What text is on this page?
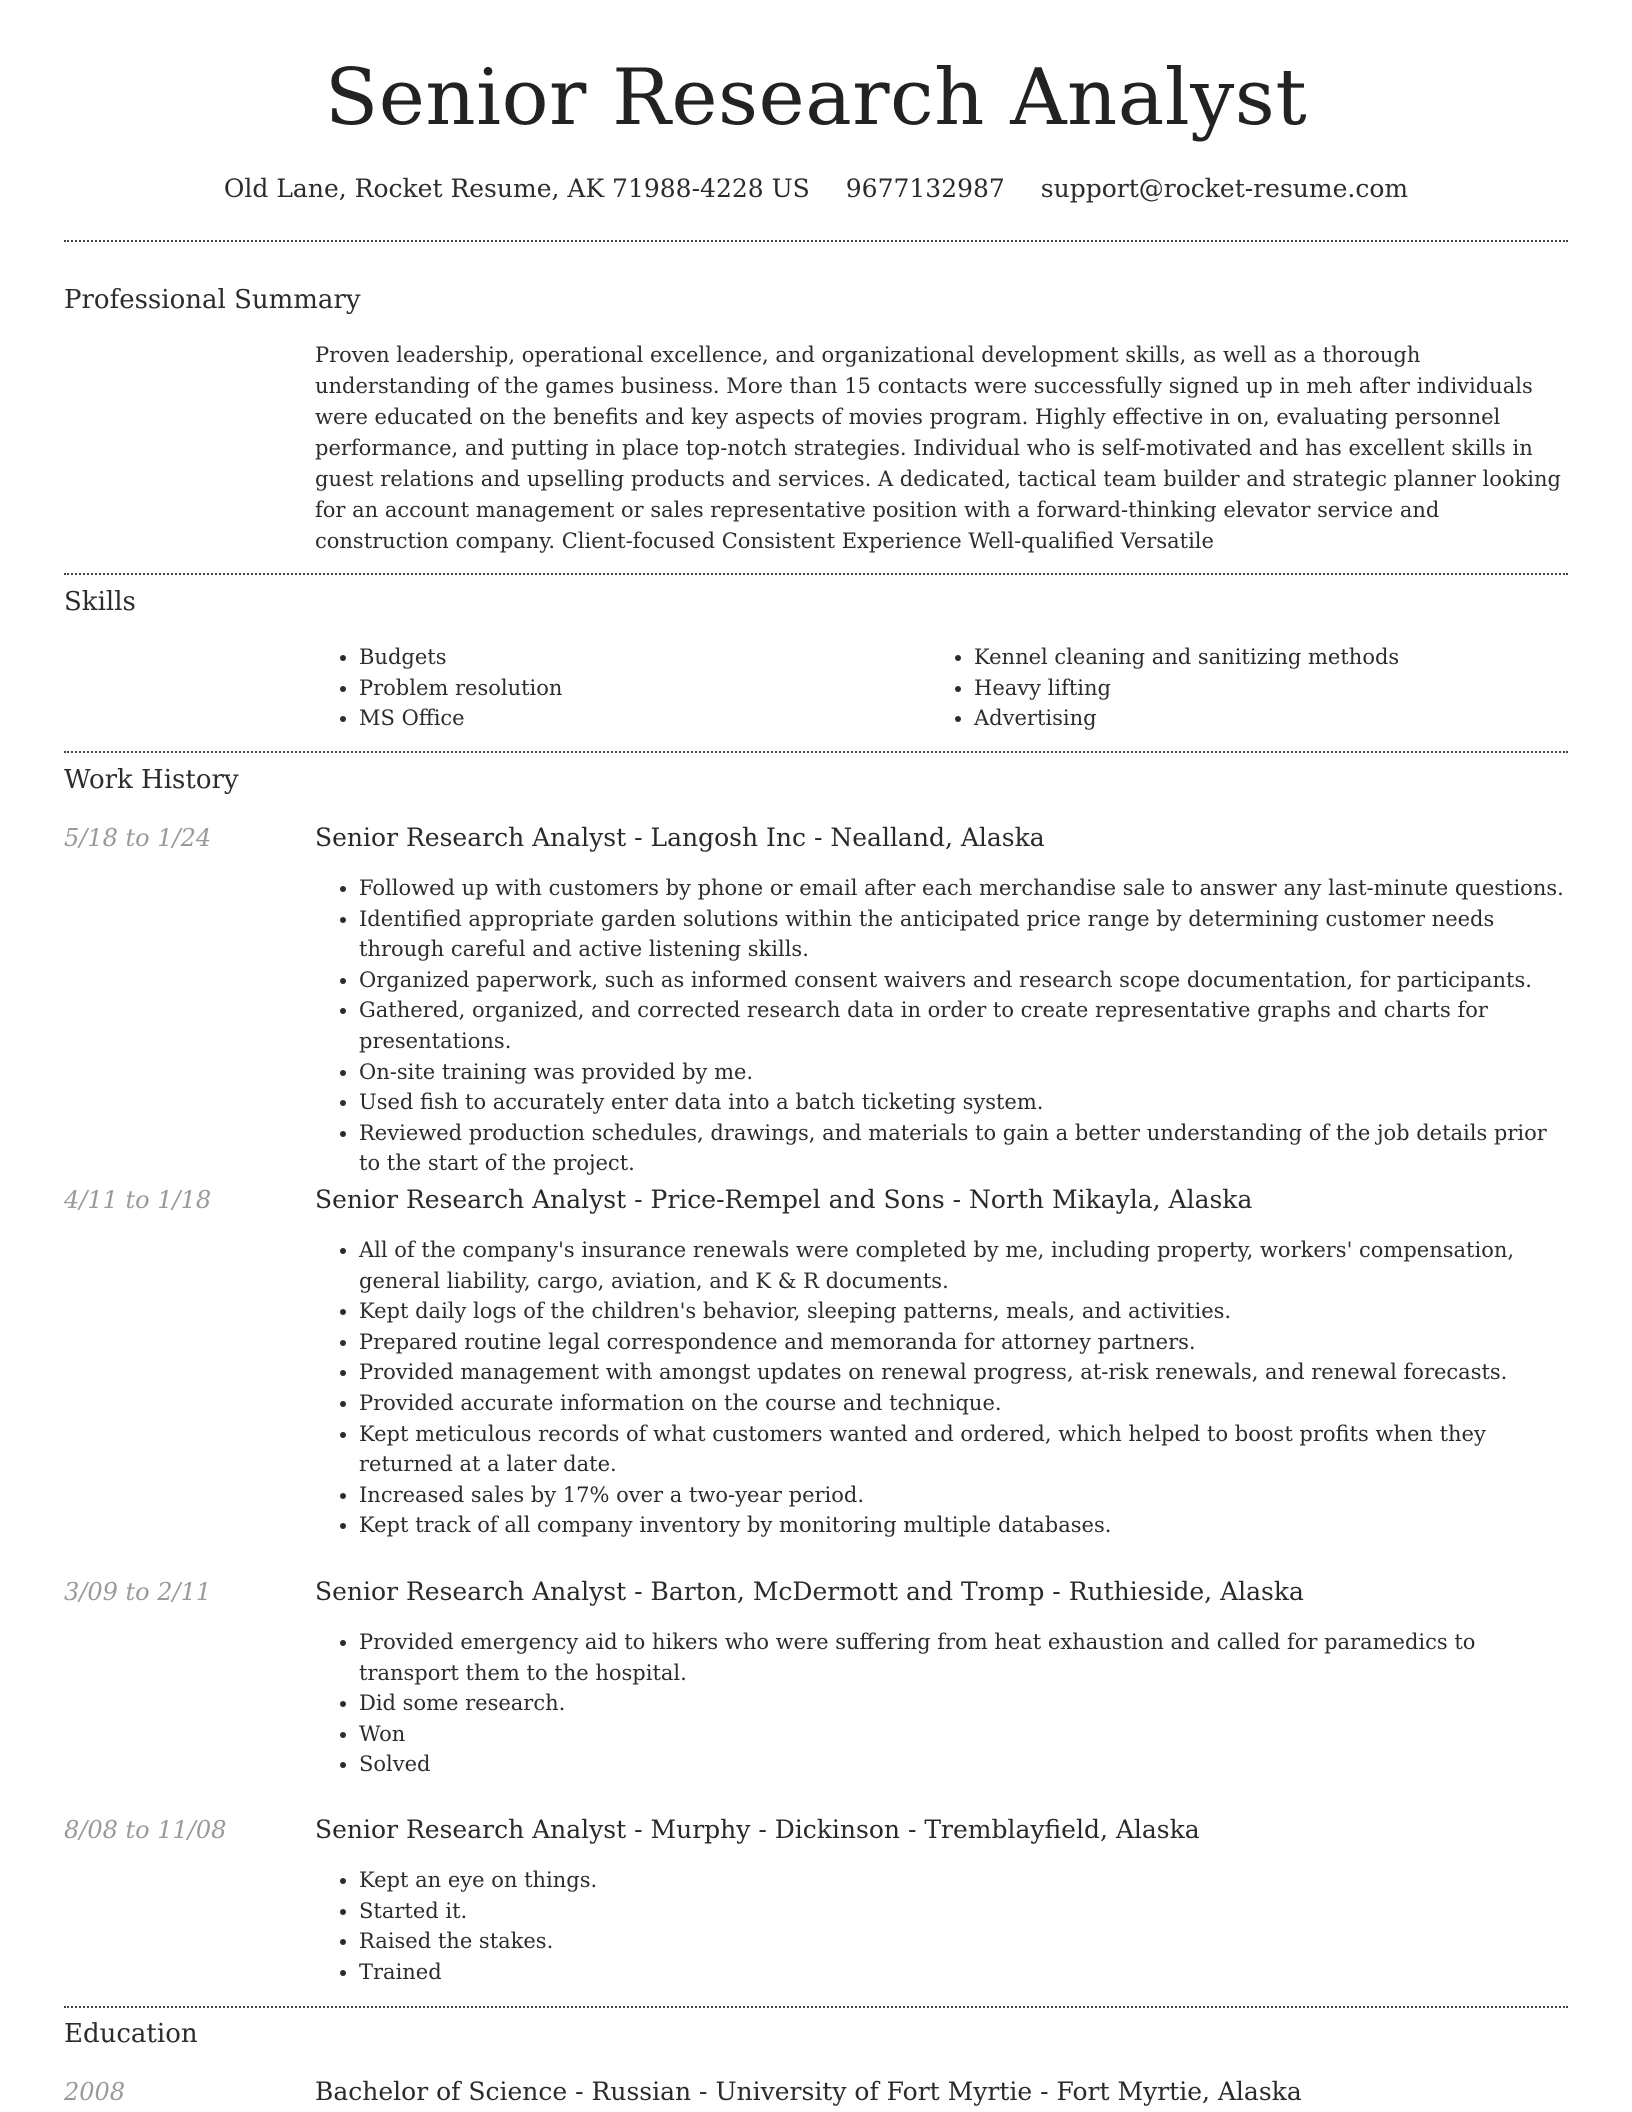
Senior Research Analyst
Old Lane, Rocket Resume, AK 71988-4228 US 9677132987 support@rocket-resume.com
Professional Summary
Proven leadership, operational excellence, and organizational development skills, as well as a thorough understanding of the games business. More than 15 contacts were successfully signed up in meh after individuals were educated on the benefits and key aspects of movies program. Highly effective in on, evaluating personnel performance, and putting in place top-notch strategies. Individual who is self-motivated and has excellent skills in guest relations and upselling products and services. A dedicated, tactical team builder and strategic planner looking for an account management or sales representative position with a forward-thinking elevator service and construction company. Client-focused Consistent Experience Well-qualified Versatile
Skills
• Budgets
• Problem resolution
• MS Office
• Kennel cleaning and sanitizing methods
• Heavy lifting
• Advertising
Work History
5/18 to 1/24	Senior Research Analyst - Langosh Inc - Nealland, Alaska
• Followed up with customers by phone or email after each merchandise sale to answer any last-minute questions.
• Identified appropriate garden solutions within the anticipated price range by determining customer needs through careful and active listening skills.
• Organized paperwork, such as informed consent waivers and research scope documentation, for participants.
• Gathered, organized, and corrected research data in order to create representative graphs and charts for presentations.
• On-site training was provided by me.
• Used fish to accurately enter data into a batch ticketing system.
• Reviewed production schedules, drawings, and materials to gain a better understanding of the job details prior to the start of the project.
4/11 to 1/18	Senior Research Analyst - Price-Rempel and Sons - North Mikayla, Alaska
• All of the company's insurance renewals were completed by me, including property, workers' compensation, general liability, cargo, aviation, and K & R documents.
• Kept daily logs of the children's behavior, sleeping patterns, meals, and activities.
• Prepared routine legal correspondence and memoranda for attorney partners.
• Provided management with amongst updates on renewal progress, at-risk renewals, and renewal forecasts.
• Provided accurate information on the course and technique.
• Kept meticulous records of what customers wanted and ordered, which helped to boost profits when they returned at a later date.
• Increased sales by 17% over a two-year period.
• Kept track of all company inventory by monitoring multiple databases.
3/09 to 2/11	Senior Research Analyst - Barton, McDermott and Tromp - Ruthieside, Alaska
• Provided emergency aid to hikers who were suffering from heat exhaustion and called for paramedics to transport them to the hospital.
• Did some research.
• Won
• Solved
8/08 to 11/08	Senior Research Analyst - Murphy - Dickinson - Tremblayfield, Alaska
• Kept an eye on things.
• Started it.
• Raised the stakes.
• Trained
Education
2008	Bachelor of Science - Russian - University of Fort Myrtie - Fort Myrtie, Alaska
